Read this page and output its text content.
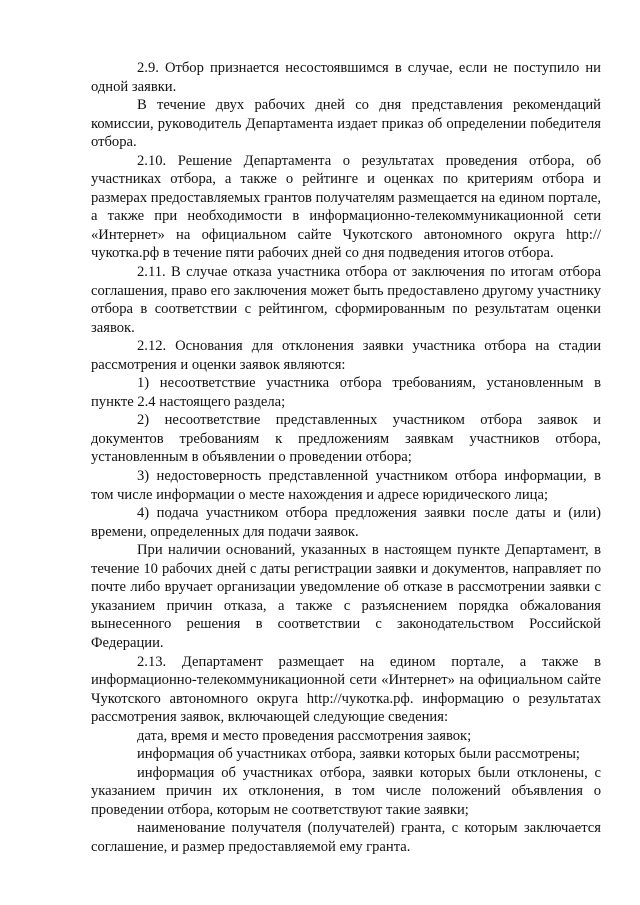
2.9. Отбор признается несостоявшимся в случае, если не поступило ни одной заявки.

В течение двух рабочих дней со дня представления рекомендаций комиссии, руководитель Департамента издает приказ об определении победителя отбора.

2.10. Решение Департамента о результатах проведения отбора, об участниках отбора, а также о рейтинге и оценках по критериям отбора и размерах предоставляемых грантов получателям размещается на едином портале, а также при необходимости в информационно-телекоммуникационной сети «Интернет» на официальном сайте Чукотского автономного округа http://чукотка.рф в течение пяти рабочих дней со дня подведения итогов отбора.

2.11. В случае отказа участника отбора от заключения по итогам отбора соглашения, право его заключения может быть предоставлено другому участнику отбора в соответствии с рейтингом, сформированным по результатам оценки заявок.

2.12. Основания для отклонения заявки участника отбора на стадии рассмотрения и оценки заявок являются:

1) несоответствие участника отбора требованиям, установленным в пункте 2.4 настоящего раздела;

2) несоответствие представленных участником отбора заявок и документов требованиям к предложениям заявкам участников отбора, установленным в объявлении о проведении отбора;

3) недостоверность представленной участником отбора информации, в том числе информации о месте нахождения и адресе юридического лица;

4) подача участником отбора предложения заявки после даты и (или) времени, определенных для подачи заявок.

При наличии оснований, указанных в настоящем пункте Департамент, в течение 10 рабочих дней с даты регистрации заявки и документов, направляет по почте либо вручает организации уведомление об отказе в рассмотрении заявки с указанием причин отказа, а также с разъяснением порядка обжалования вынесенного решения в соответствии с законодательством Российской Федерации.

2.13. Департамент размещает на едином портале, а также в информационно-телекоммуникационной сети «Интернет» на официальном сайте Чукотского автономного округа http://чукотка.рф. информацию о результатах рассмотрения заявок, включающей следующие сведения:

дата, время и место проведения рассмотрения заявок;

информация об участниках отбора, заявки которых были рассмотрены;

информация об участниках отбора, заявки которых были отклонены, с указанием причин их отклонения, в том числе положений объявления о проведении отбора, которым не соответствуют такие заявки;

наименование получателя (получателей) гранта, с которым заключается соглашение, и размер предоставляемой ему гранта.
